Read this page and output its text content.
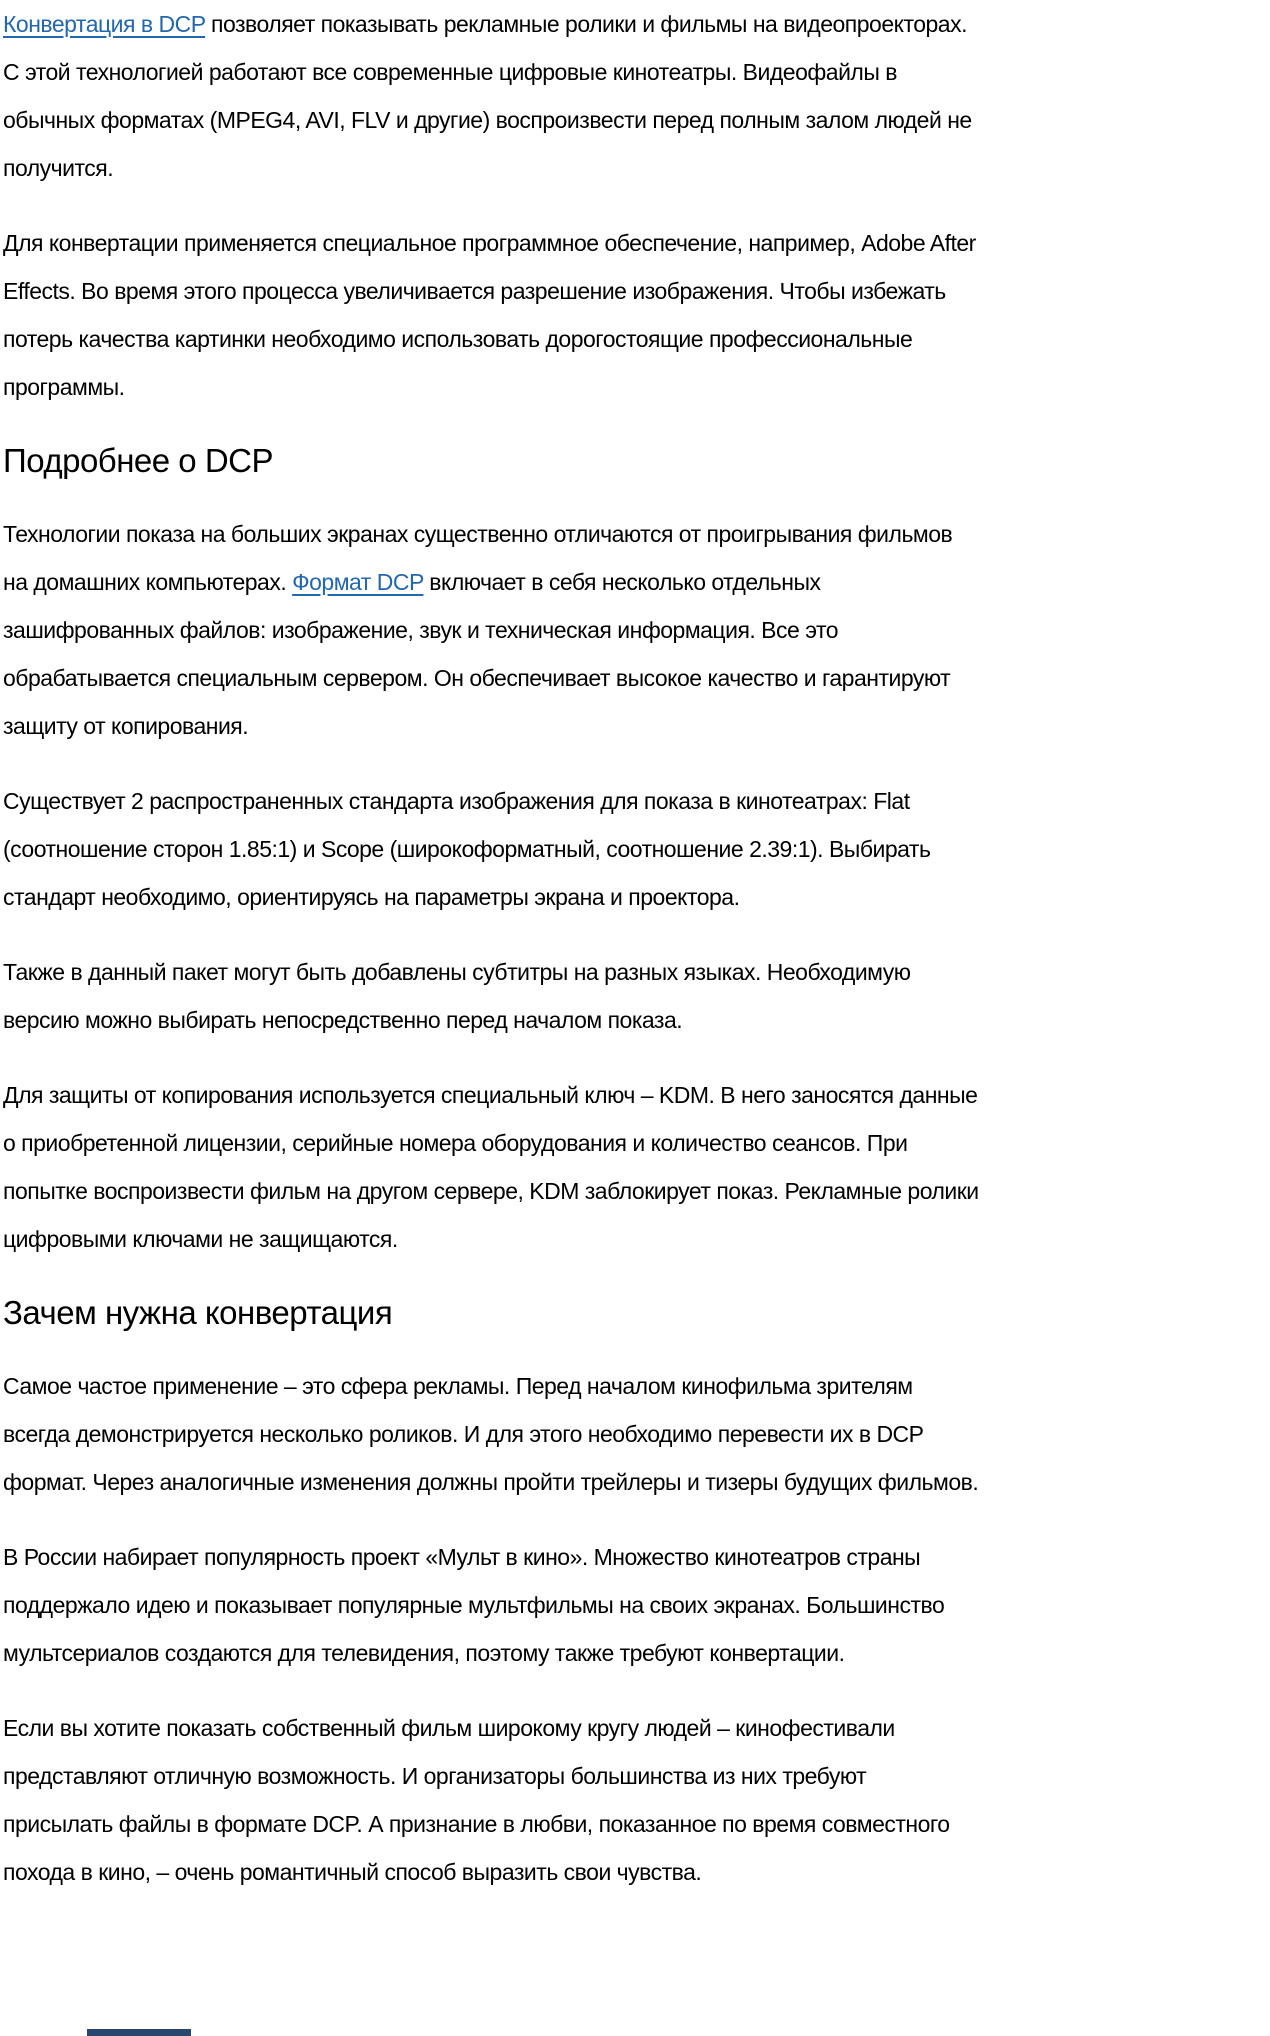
Конвертация в DCP позволяет показывать рекламные ролики и фильмы на видеопроекторах. С этой технологией работают все современные цифровые кинотеатры. Видеофайлы в обычных форматах (MPEG4, AVI, FLV и другие) воспроизвести перед полным залом людей не получится.

Для конвертации применяется специальное программное обеспечение, например, Adobe After Effects. Во время этого процесса увеличивается разрешение изображения. Чтобы избежать потерь качества картинки необходимо использовать дорогостоящие профессиональные программы.

Подробнее о DCP

Технологии показа на больших экранах существенно отличаются от проигрывания фильмов на домашних компьютерах. Формат DCP включает в себя несколько отдельных зашифрованных файлов: изображение, звук и техническая информация. Все это обрабатывается специальным сервером. Он обеспечивает высокое качество и гарантируют защиту от копирования.

Существует 2 распространенных стандарта изображения для показа в кинотеатрах: Flat (соотношение сторон 1.85:1) и Scope (широкоформатный, соотношение 2.39:1). Выбирать стандарт необходимо, ориентируясь на параметры экрана и проектора.

Также в данный пакет могут быть добавлены субтитры на разных языках. Необходимую версию можно выбирать непосредственно перед началом показа.

Для защиты от копирования используется специальный ключ – KDM. В него заносятся данные о приобретенной лицензии, серийные номера оборудования и количество сеансов. При попытке воспроизвести фильм на другом сервере, KDM заблокирует показ. Рекламные ролики цифровыми ключами не защищаются.

Зачем нужна конвертация

Самое частое применение – это сфера рекламы. Перед началом кинофильма зрителям всегда демонстрируется несколько роликов. И для этого необходимо перевести их в DCP формат. Через аналогичные изменения должны пройти трейлеры и тизеры будущих фильмов.

В России набирает популярность проект «Мульт в кино». Множество кинотеатров страны поддержало идею и показывает популярные мультфильмы на своих экранах. Большинство мультсериалов создаются для телевидения, поэтому также требуют конвертации.

Если вы хотите показать собственный фильм широкому кругу людей – кинофестивали представляют отличную возможность. И организаторы большинства из них требуют присылать файлы в формате DCP. А признание в любви, показанное по время совместного похода в кино, – очень романтичный способ выразить свои чувства.
